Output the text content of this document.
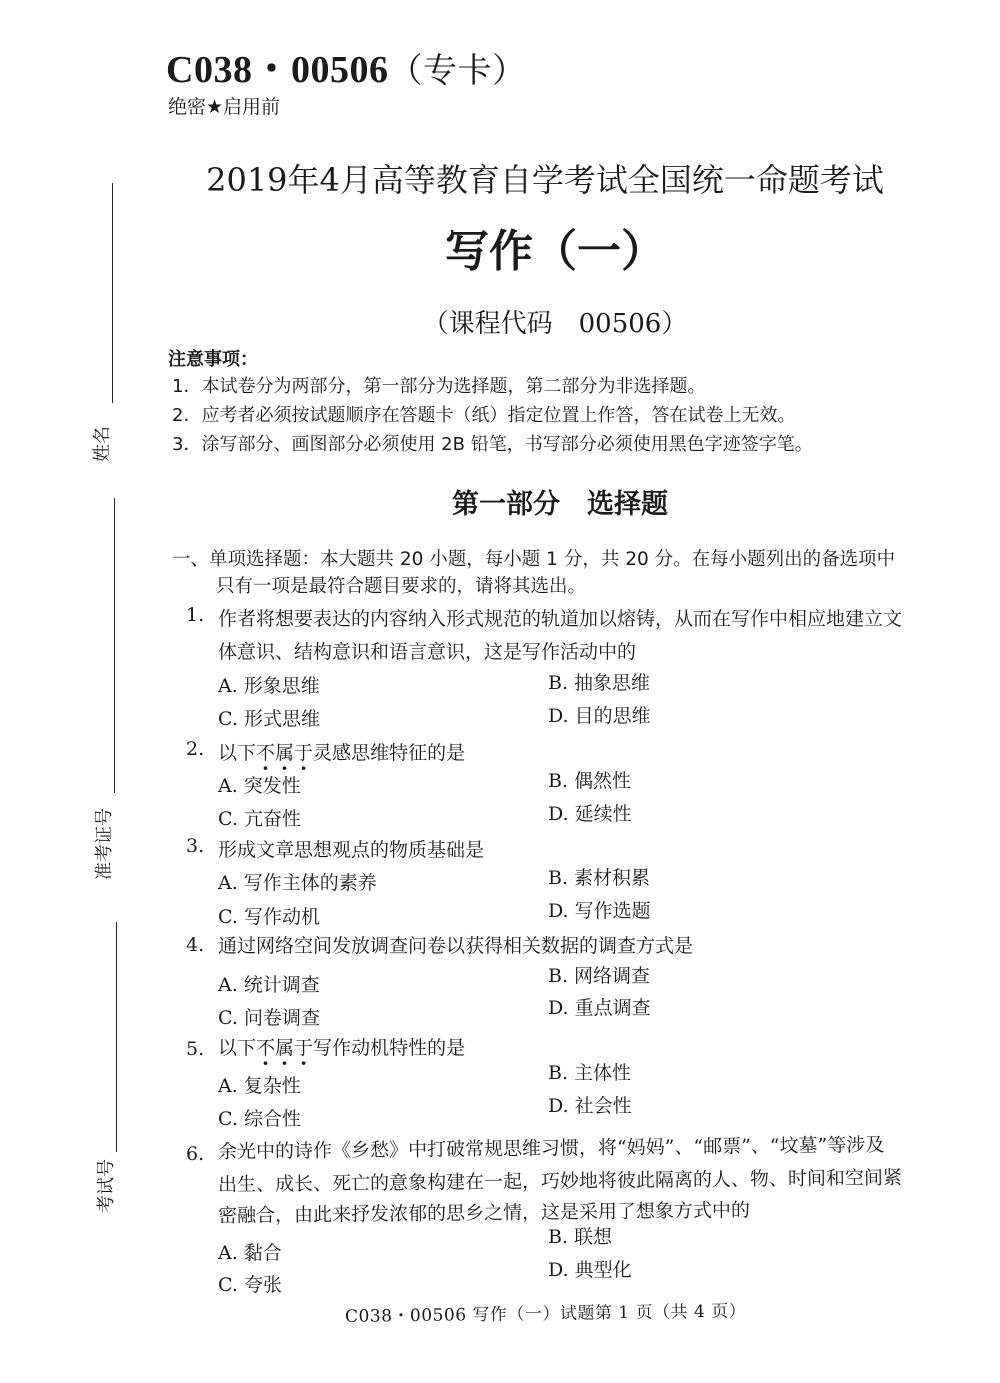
姓名
准考证号
考试号
C038・00506（专卡）
绝密★启用前
2019年4月高等教育自学考试全国统一命题考试
写作（一）
（课程代码　00506）
注意事项：
1．本试卷分为两部分，第一部分为选择题，第二部分为非选择题。
2．应考者必须按试题顺序在答题卡（纸）指定位置上作答，答在试卷上无效。
3．涂写部分、画图部分必须使用 2B 铅笔，书写部分必须使用黑色字迹签字笔。
第一部分　选择题
一、单项选择题：本大题共 20 小题，每小题 1 分，共 20 分。在每小题列出的备选项中
只有一项是最符合题目要求的，请将其选出。
1. 作者将想要表达的内容纳入形式规范的轨道加以熔铸，从而在写作中相应地建立文
体意识、结构意识和语言意识，这是写作活动中的
A. 形象思维	B. 抽象思维
C. 形式思维	D. 目的思维
2. 以下不属于灵感思维特征的是
A. 突发性	B. 偶然性
C. 亢奋性	D. 延续性
3. 形成文章思想观点的物质基础是
A. 写作主体的素养	B. 素材积累
C. 写作动机	D. 写作选题
4. 通过网络空间发放调查问卷以获得相关数据的调查方式是
A. 统计调查	B. 网络调查
C. 问卷调查	D. 重点调查
5. 以下不属于写作动机特性的是
A. 复杂性
B. 主体性
C. 综合性
D. 社会性
6. 余光中的诗作《乡愁》中打破常规思维习惯，将“妈妈”、“邮票”、“坟墓”等涉及
出生、成长、死亡的意象构建在一起，巧妙地将彼此隔离的人、物、时间和空间紧
密融合，由此来抒发浓郁的思乡之情，这是采用了想象方式中的
A. 黏合
B. 联想
C. 夸张
D. 典型化
C038・00506 写作（一）试题第 1 页（共 4 页）
